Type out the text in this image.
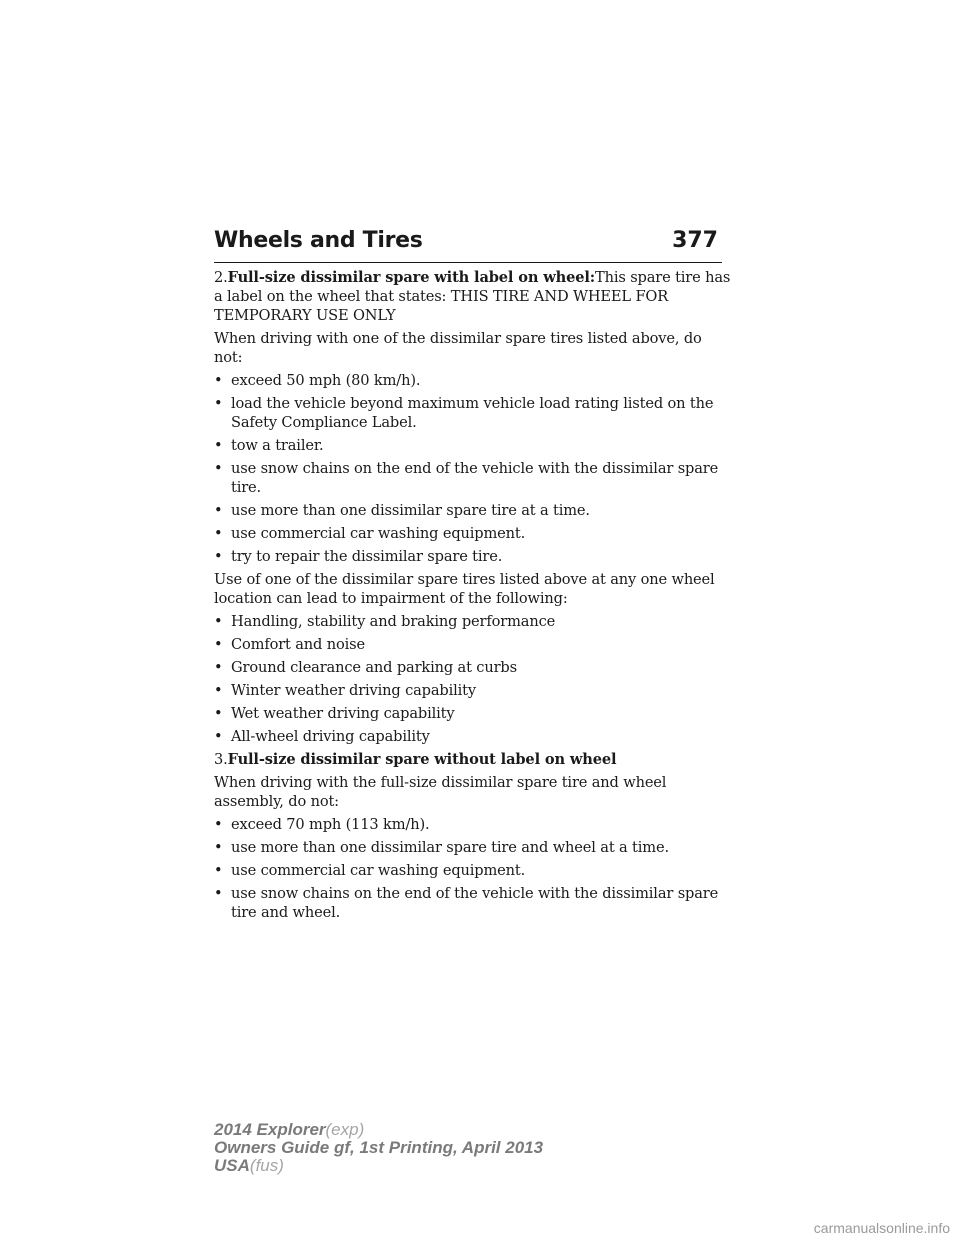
Wheels and Tires	377

2.Full-size dissimilar spare with label on wheel:This spare tire has a label on the wheel that states: THIS TIRE AND WHEEL FOR TEMPORARY USE ONLY

When driving with one of the dissimilar spare tires listed above, do not:

• exceed 50 mph (80 km/h).
• load the vehicle beyond maximum vehicle load rating listed on the Safety Compliance Label.
• tow a trailer.
• use snow chains on the end of the vehicle with the dissimilar spare tire.
• use more than one dissimilar spare tire at a time.
• use commercial car washing equipment.
• try to repair the dissimilar spare tire.

Use of one of the dissimilar spare tires listed above at any one wheel location can lead to impairment of the following:

• Handling, stability and braking performance
• Comfort and noise
• Ground clearance and parking at curbs
• Winter weather driving capability
• Wet weather driving capability
• All-wheel driving capability

3.Full-size dissimilar spare without label on wheel

When driving with the full-size dissimilar spare tire and wheel assembly, do not:

• exceed 70 mph (113 km/h).
• use more than one dissimilar spare tire and wheel at a time.
• use commercial car washing equipment.
• use snow chains on the end of the vehicle with the dissimilar spare tire and wheel.
2014 Explorer(exp)
Owners Guide gf, 1st Printing, April 2013
USA(fus)
carmanualsonline.info
